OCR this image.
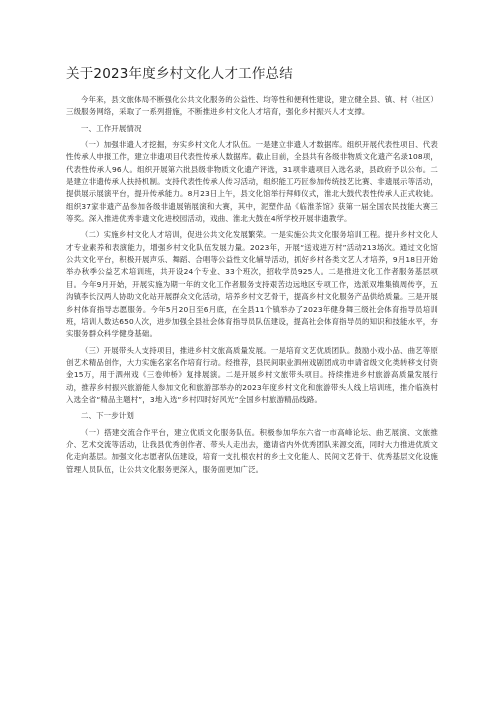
关于2023年度乡村文化人才工作总结

今年来，县文旅体局不断强化公共文化服务的公益性、均等性和便利性建设，建立健全县、镇、村（社区）三级服务网络，采取了一系列措施，不断推进乡村文化人才培育，强化乡村振兴人才支撑。

一、工作开展情况

（一）加强非遗人才挖掘，夯实乡村文化人才队伍。一是建立非遗人才数据库。组织开展代表性项目、代表性传承人申报工作，建立非遗项目代表性传承人数据库。截止目前，全县共有各级非物质文化遗产名录108项，代表性传承人96人。组织开展第六批县级非物质文化遗产评选，31项非遗项目入选名录，县政府予以公布。二是建立非遗传承人扶持机制。支持代表性传承人传习活动，组织能工巧匠参加传统技艺比赛、非遗展示等活动，提供展示展演平台，提升传承能力。8月23日上午，县文化馆举行拜师仪式，淮北大鼓代表性传承人正式收徒。组织37家非遗产品参加各级非遗展销展演和大赛，其中，泥塑作品《临淮茶馆》获第一届全国农民技能大赛三等奖。深入推进优秀非遗文化进校园活动，戏曲、淮北大鼓在4所学校开展非遗教学。

（二）实施乡村文化人才培训，促进公共文化发展繁荣。一是实施公共文化服务培训工程。提升乡村文化人才专业素养和表演能力，增强乡村文化队伍发展力量。2023年，开展“送戏进万村”活动213场次。通过文化馆公共文化平台，积极开展声乐、舞蹈、合唱等公益性文化辅导活动，抓好乡村各类文艺人才培养，9月18日开始举办秋季公益艺术培训班，共开设24个专业、33个班次，招收学员925人。二是推进文化工作者服务基层项目。今年9月开始，开展实施为期一年的文化工作者服务支持艰苦边远地区专项工作，选派双堆集镇周传亨，五沟镇李长汉两人协助文化站开展群众文化活动，培养乡村文艺骨干，提高乡村文化服务产品供给质量。三是开展乡村体育指导志愿服务。今年5月20日至6月底，在全县11个镇举办了2023年健身舞三级社会体育指导员培训班，培训人数达650人次，进步加强全县社会体育指导员队伍建设，提高社会体育指导员的知识和技能水平，夯实服务群众科学健身基础。

（三）开展带头人支持项目，推进乡村文旅高质量发展。一是培育文艺优质团队。鼓励小戏小品、曲艺等原创艺术精品创作，大力实施名家名作培育行动。经推荐，县民间职业泗州戏剧团成功申请省级文化类转移支付资金15万，用于泗州戏《三卷帅桥》复排展演。二是开展乡村文旅带头项目。持续推进乡村旅游高质量发展行动，推荐乡村振兴旅游能人参加文化和旅游部举办的2023年度乡村文化和旅游带头人线上培训班，推介临涣村入选全省“精品主题村”，3地入选“乡村四时好风光”全国乡村旅游精品线路。

二、下一步计划

（一）搭建交流合作平台，建立优质文化服务队伍。积极参加华东六省一市高峰论坛、曲艺展演、文旅推介、艺术交流等活动，让我县优秀创作者、带头人走出去，邀请省内外优秀团队来源交流，同时大力推进优质文化走向基层。加强文化志愿者队伍建设，培育一支扎根农村的乡土文化能人、民间文艺骨干、优秀基层文化设施管理人员队伍，让公共文化服务更深入，服务面更加广泛。
